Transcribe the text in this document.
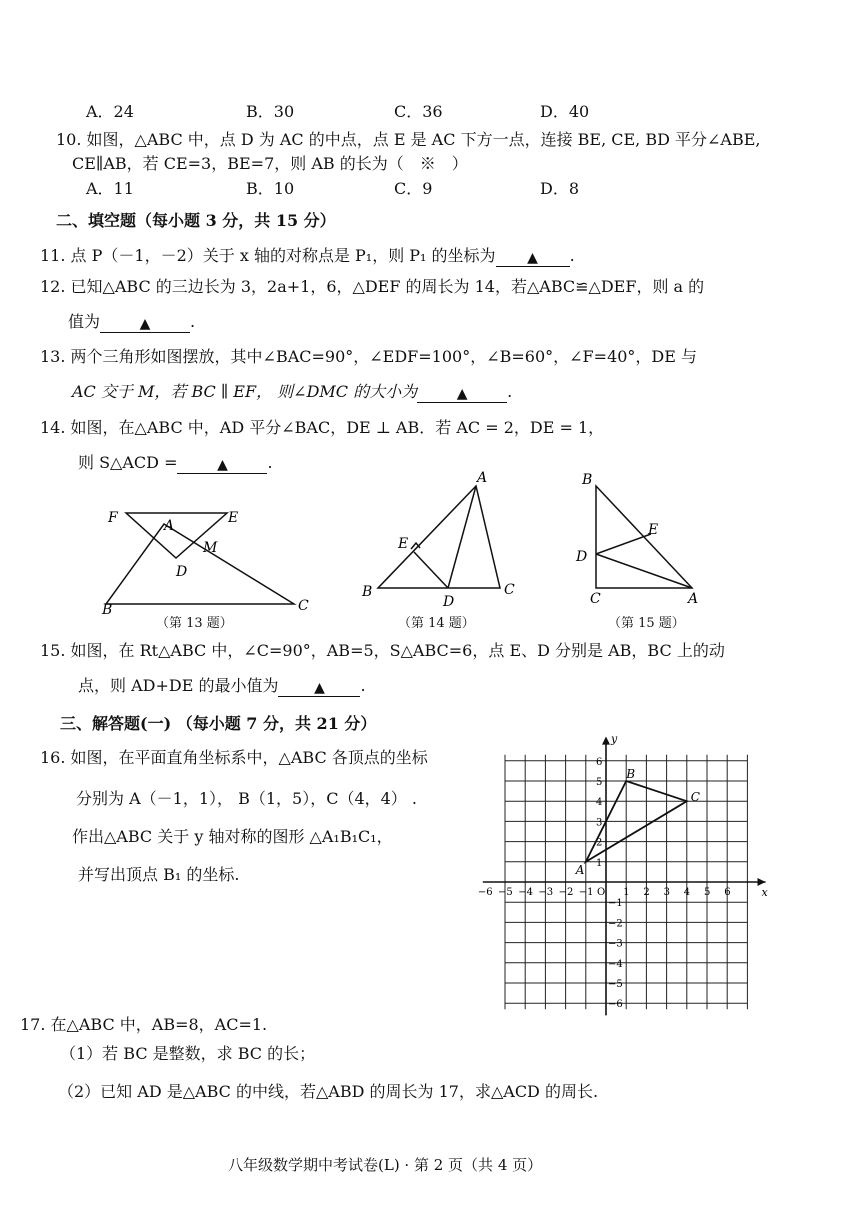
A．24	B．30	C．36	D．40
10. 如图，△ABC 中，点 D 为 AC 的中点，点 E 是 AC 下方一点，连接 BE, CE, BD 平分∠ABE,
CE∥AB，若 CE=3，BE=7，则 AB 的长为（　※　）
A．11	B．10	C．9	D．8
二、填空题（每小题 3 分，共 15 分）
11. 点 P（－1，－2）关于 x 轴的对称点是 P₁，则 P₁ 的坐标为 ▲ .
12. 已知△ABC 的三边长为 3，2a+1，6，△DEF 的周长为 14，若△ABC≌△DEF，则 a 的
值为	▲ .
13. 两个三角形如图摆放，其中∠BAC=90°，∠EDF=100°，∠B=60°，∠F=40°，DE 与
AC 交于 M，若 BC ∥ EF， 则∠DMC 的大小为	▲ .
14. 如图，在△ABC 中，AD 平分∠BAC，DE ⊥ AB．若 AC = 2，DE = 1，
则 S△ACD =	▲ .
F	A	E
M
D
B	C
A
E
B
D
C
B
E
D
C	A
（第 13 题）	（第 14 题）	（第 15 题）
15. 如图，在 Rt△ABC 中，∠C=90°，AB=5，S△ABC=6，点 E、D 分别是 AB，BC 上的动
点，则 AD+DE 的最小值为	▲ .
三、解答题(一) （每小题 7 分，共 21 分）
16. 如图，在平面直角坐标系中，△ABC 各顶点的坐标
分别为 A（－1，1）， B（1，5），C（4，4） .
作出△ABC 关于 y 轴对称的图形 △A₁B₁C₁，
并写出顶点 B₁ 的坐标.
x
y
−6 −5 −4 −3 −2 −1 O 1 2 3 4 5 6
1
2
3
4
5
6
−1
−2
−3
−4
−5
−6
A
B
C
17. 在△ABC 中，AB=8，AC=1.
（1）若 BC 是整数，求 BC 的长；
（2）已知 AD 是△ABC 的中线，若△ABD 的周长为 17，求△ACD 的周长.
八年级数学期中考试卷(L) · 第 2 页（共 4 页）
